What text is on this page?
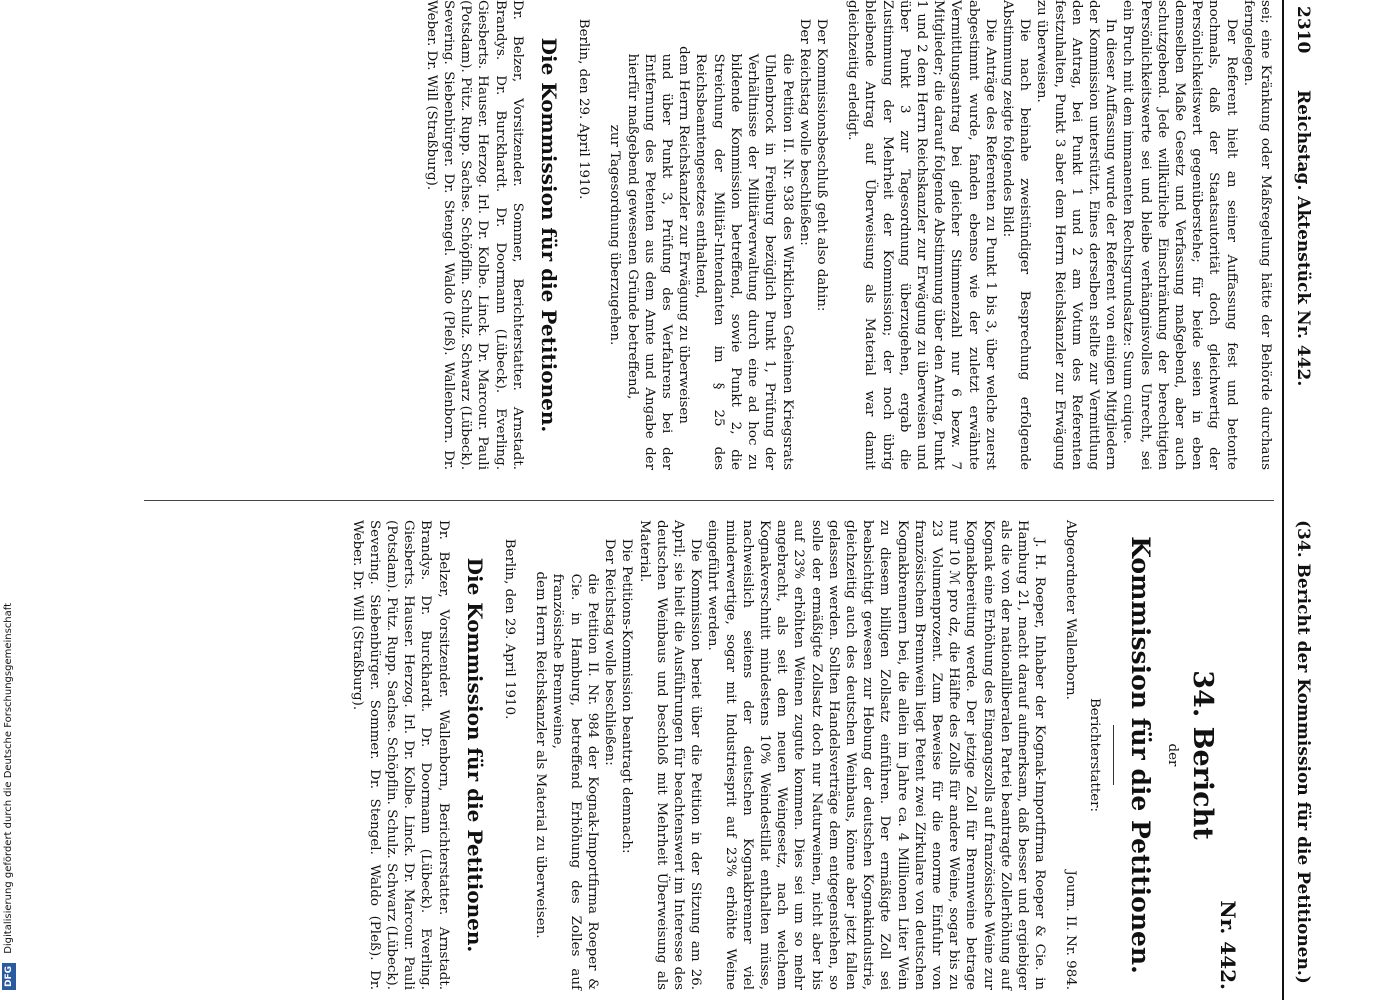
DFG Digitalisierung gefördert durch die Deutsche Forschungsgemeinschaft
2310
Reichstag. Aktenstück Nr. 442.
(34. Bericht der Kommission für die Petitionen.)

sei; eine Kränkung oder Maßregelung hätte der Behörde durchaus ferngelegen.

Der Referent hielt an seiner Auffassung fest und betonte nochmals, daß der Staatsautorität doch gleichwertig der Persönlichkeitswert gegenüberstehe; für beide seien in eben demselben Maße Gesetz und Verfassung maßgebend, aber auch schutzgebend. Jede willkürliche Einschränkung der berechtigten Persönlichkeitswerte sei und bleibe verhängnisvolles Unrecht, sei ein Bruch mit dem immanenten Rechtsgrundsatze: Suum cuique.

In dieser Auffassung wurde der Referent von einigen Mitgliedern der Kommission unterstützt. Eines derselben stellte zur Vermittlung den Antrag, bei Punkt 1 und 2 am Votum des Referenten festzuhalten, Punkt 3 aber dem Herrn Reichskanzler zur Erwägung zu überweisen.

Die nach beinahe zweistündiger Besprechung erfolgende Abstimmung zeigte folgendes Bild:

Die Anträge des Referenten zu Punkt 1 bis 3, über welche zuerst abgestimmt wurde, fanden ebenso wie der zuletzt erwähnte Vermittlungsantrag bei gleicher Stimmenzahl nur 6 bezw. 7 Mitglieder; die darauf folgende Abstimmung über den Antrag, Punkt 1 und 2 dem Herrn Reichskanzler zur Erwägung zu überweisen und über Punkt 3 zur Tagesordnung überzugehen, ergab die Zustimmung der Mehrheit der Kommission; der noch übrig bleibende Antrag auf Überweisung als Material war damit gleichzeitig erledigt.

Der Kommissionsbeschluß geht also dahin:

Der Reichstag wolle beschließen:

die Petition II. Nr. 938 des Wirklichen Geheimen Kriegsrats Uhlenbrock in Freiburg bezüglich Punkt 1, Prüfung der Verhältnisse der Militärverwaltung durch eine ad hoc zu bildende Kommission betreffend, sowie Punkt 2, die Streichung der Militär-Intendanten im § 25 des Reichsbeamtengesetzes enthaltend,

dem Herrn Reichskanzler zur Erwägung zu überweisen

und über Punkt 3, Prüfung des Verfahrens bei der Entfernung des Petenten aus dem Amte und Angabe der hierfür maßgebend gewesenen Gründe betreffend,

zur Tagesordnung überzugehen.

Berlin, den 29. April 1910.

Die Kommission für die Petitionen.

Dr. Belzer, Vorsitzender. Sommer, Berichterstatter. Arnstadt. Brandys. Dr. Burckhardt. Dr. Doormann (Lübeck). Everling. Giesberts. Hauser. Herzog. Irl. Dr. Kolbe. Linck. Dr. Marcour. Pauli (Potsdam). Pütz. Rupp. Sachse. Schöpflin. Schulz. Schwarz (Lübeck). Severing. Siebenbürger. Dr. Stengel. Waldo (Pleß). Wallenborn. Dr. Weber. Dr. Will (Straßburg).

Nr. 442.

34. Bericht

der

Kommission für die Petitionen.

Berichterstatter:

Abgeordneter Wallenborn.
Journ. II. Nr. 984.

J. H. Roeper, Inhaber der Kognak-Importfirma Roeper & Cie. in Hamburg 21, macht darauf aufmerksam, daß besser und ergiebiger als die von der nationalliberalen Partei beantragte Zollerhöhung auf Kognak eine Erhöhung des Eingangszolls auf französische Weine zur Kognakbereitung werde. Der jetzige Zoll für Brennweine betrage nur 10 ℳ pro dz, die Hälfte des Zolls für andere Weine, sogar bis zu 23 Volumenprozent. Zum Beweise für die enorme Einfuhr von französischem Brennwein liegt Petent zwei Zirkulare von deutschen Kognakbrennern bei, die allein im Jahre ca. 4 Millionen Liter Wein zu diesem billigen Zollsatz einführen. Der ermäßigte Zoll sei beabsichtigt gewesen zur Hebung der deutschen Kognakindustrie, gleichzeitig auch des deutschen Weinbaus, könne aber jetzt fallen gelassen werden. Sollten Handelsverträge dem entgegenstehen, so solle der ermäßigte Zollsatz doch nur Naturweinen, nicht aber bis auf 23% erhöhten Weinen zugute kommen. Dies sei um so mehr angebracht, als seit dem neuen Weingesetz, nach welchem Kognakverschnitt mindestens 10% Weindestillat enthalten müsse, nachweislich seitens der deutschen Kognakbrenner viel minderwertige, sogar mit Industriesprit auf 23% erhöhte Weine eingeführt werden.

Die Kommission beriet über die Petition in der Sitzung am 26. April; sie hielt die Ausführungen für beachtenswert im Interesse des deutschen Weinbaus und beschloß mit Mehrheit Überweisung als Material.

Die Petitions-Kommission beantragt demnach:

Der Reichstag wolle beschließen:

die Petition II. Nr. 984 der Kognak-Importfirma Roeper & Cie. in Hamburg, betreffend Erhöhung des Zolles auf französische Brennweine,

dem Herrn Reichskanzler als Material zu überweisen.

Berlin, den 29. April 1910.

Die Kommission für die Petitionen.

Dr. Belzer, Vorsitzender. Wallenborn, Berichterstatter. Arnstadt. Brandys. Dr. Burckhardt. Dr. Doormann (Lübeck). Everling. Giesberts. Hauser. Herzog. Irl. Dr. Kolbe. Linck. Dr. Marcour. Pauli (Potsdam). Pütz. Rupp. Sachse. Schöpflin. Schulz. Schwarz (Lübeck). Severing. Siebenbürger. Sommer. Dr. Stengel. Waldo (Pleß). Dr. Weber. Dr. Will (Straßburg).
